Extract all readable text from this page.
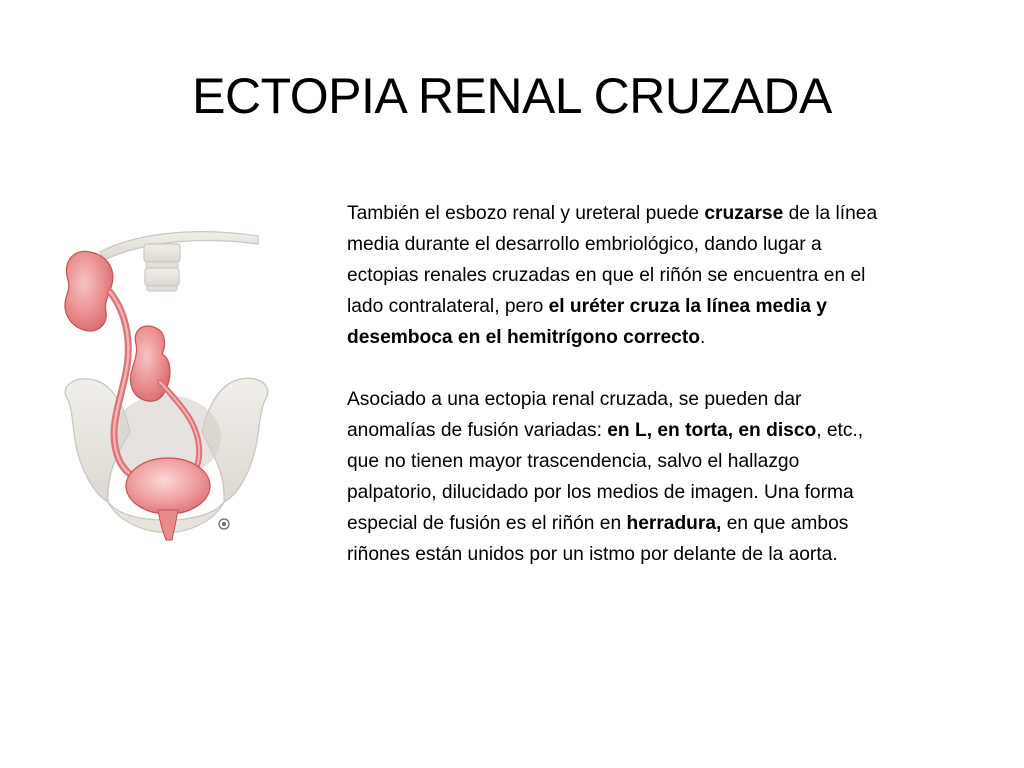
ECTOPIA RENAL CRUZADA

También el esbozo renal y ureteral puede cruzarse de la línea media durante el desarrollo embriológico, dando lugar a ectopias renales cruzadas en que el riñón se encuentra en el lado contralateral, pero el uréter cruza la línea media y desemboca en el hemitrígono correcto.

Asociado a una ectopia renal cruzada, se pueden dar anomalías de fusión variadas: en L, en torta, en disco, etc., que no tienen mayor trascendencia, salvo el hallazgo palpatorio, dilucidado por los medios de imagen. Una forma especial de fusión es el riñón en herradura, en que ambos riñones están unidos por un istmo por delante de la aorta.
